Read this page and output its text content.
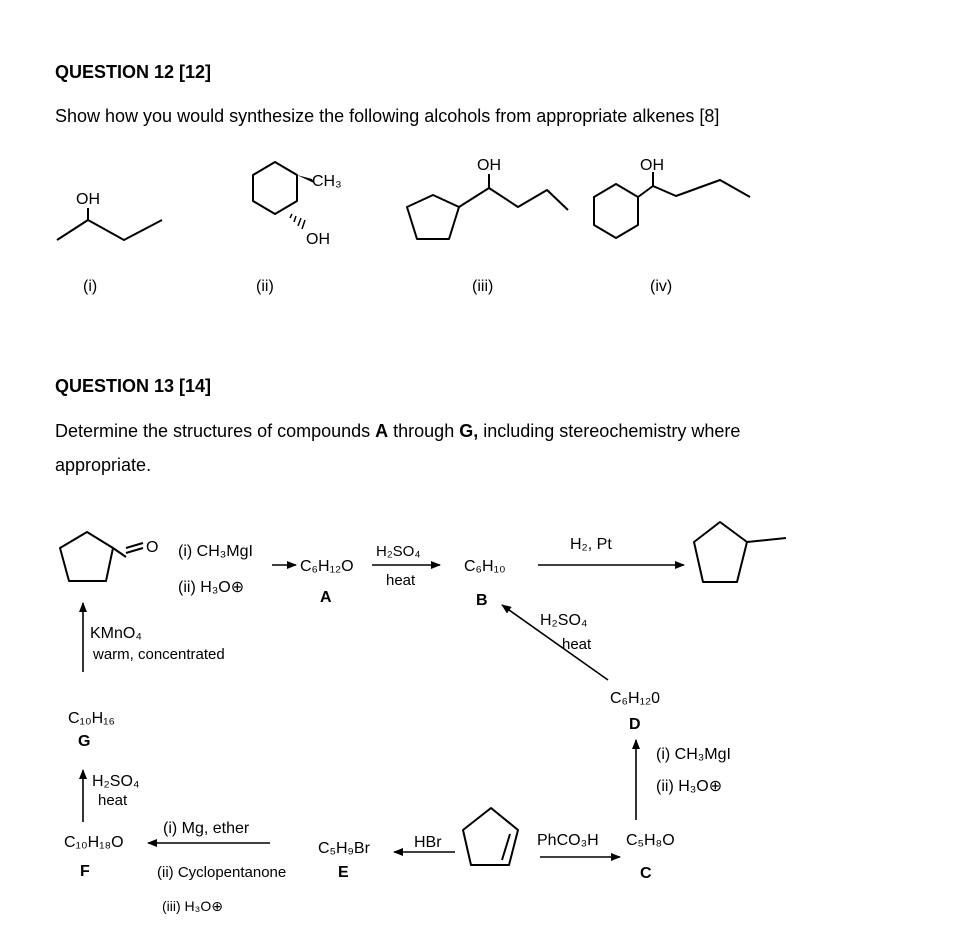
QUESTION 12 [12]
Show how you would synthesize the following alcohols from appropriate alkenes [8]
OH
CH₃
OH
OH	OH
(i)	(ii)	(iii)	(iv)
QUESTION 13 [14]
Determine the structures of compounds A through G, including stereochemistry where
appropriate.
O (i) CH₃MgI
(ii) H₃O⊕
C₆H₁₂O
A
H₂SO₄
heat
C₆H₁₀
B
H₂, Pt
KMnO₄
warm, concentrated
C₁₀H₁₆
G
H₂SO₄
heat
H₂SO₄
heat
C₆H₁₂0
D
(i) CH₃MgI
(ii) H₃O⊕
C₁₀H₁₈O
F
(i) Mg, ether
(ii) Cyclopentanone
(iii) H₃O⊕
C₅H₉Br
E
HBr	PhCO₃H C₅H₈O
C
